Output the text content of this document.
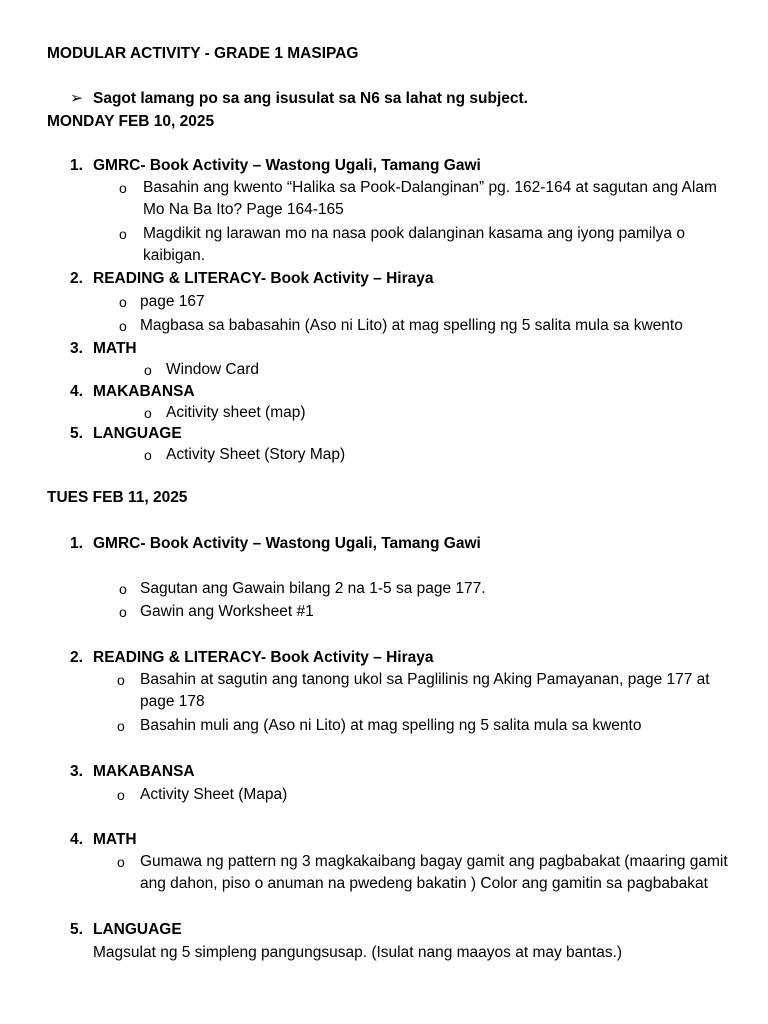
MODULAR ACTIVITY - GRADE 1 MASIPAG
➢ Sagot lamang po sa ang isusulat sa N6 sa lahat ng subject.
MONDAY FEB 10, 2025
1. GMRC- Book Activity – Wastong Ugali, Tamang Gawi
o Basahin ang kwento “Halika sa Pook-Dalanginan” pg. 162-164 at sagutan ang Alam Mo Na Ba Ito? Page 164-165
o Magdikit ng larawan mo na nasa pook dalanginan kasama ang iyong pamilya o kaibigan.
2. READING & LITERACY- Book Activity – Hiraya
o page 167
o Magbasa sa babasahin (Aso ni Lito) at mag spelling ng 5 salita mula sa kwento
3. MATH
o Window Card
4. MAKABANSA
o Acitivity sheet (map)
5. LANGUAGE
o Activity Sheet (Story Map)
TUES FEB 11, 2025
1. GMRC- Book Activity – Wastong Ugali, Tamang Gawi
o Sagutan ang Gawain bilang 2 na 1-5 sa page 177.
o Gawin ang Worksheet #1
2. READING & LITERACY- Book Activity – Hiraya
o Basahin at sagutin ang tanong ukol sa Paglilinis ng Aking Pamayanan, page 177 at page 178
o Basahin muli ang (Aso ni Lito) at mag spelling ng 5 salita mula sa kwento
3. MAKABANSA
o Activity Sheet (Mapa)
4. MATH
o Gumawa ng pattern ng 3 magkakaibang bagay gamit ang pagbabakat (maaring gamit ang dahon, piso o anuman na pwedeng bakatin ) Color ang gamitin sa pagbabakat
5. LANGUAGE
Magsulat ng 5 simpleng pangungsusap. (Isulat nang maayos at may bantas.)
